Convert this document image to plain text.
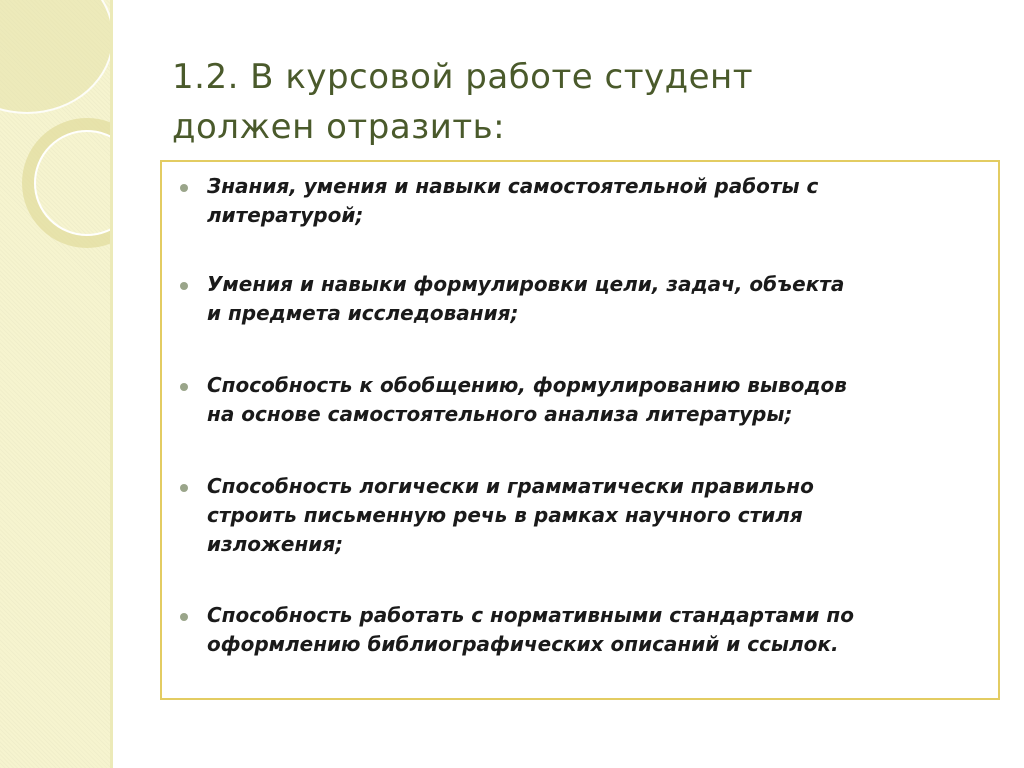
1.2. В курсовой работе студент
должен отразить:
Знания, умения и навыки самостоятельной работы с
литературой;
Умения и навыки формулировки цели, задач, объекта
и предмета исследования;
Способность к обобщению, формулированию выводов
на основе самостоятельного анализа литературы;
Способность логически и грамматически правильно
строить письменную речь в рамках научного стиля
изложения;
Способность работать с нормативными стандартами по
оформлению библиографических описаний и ссылок.
